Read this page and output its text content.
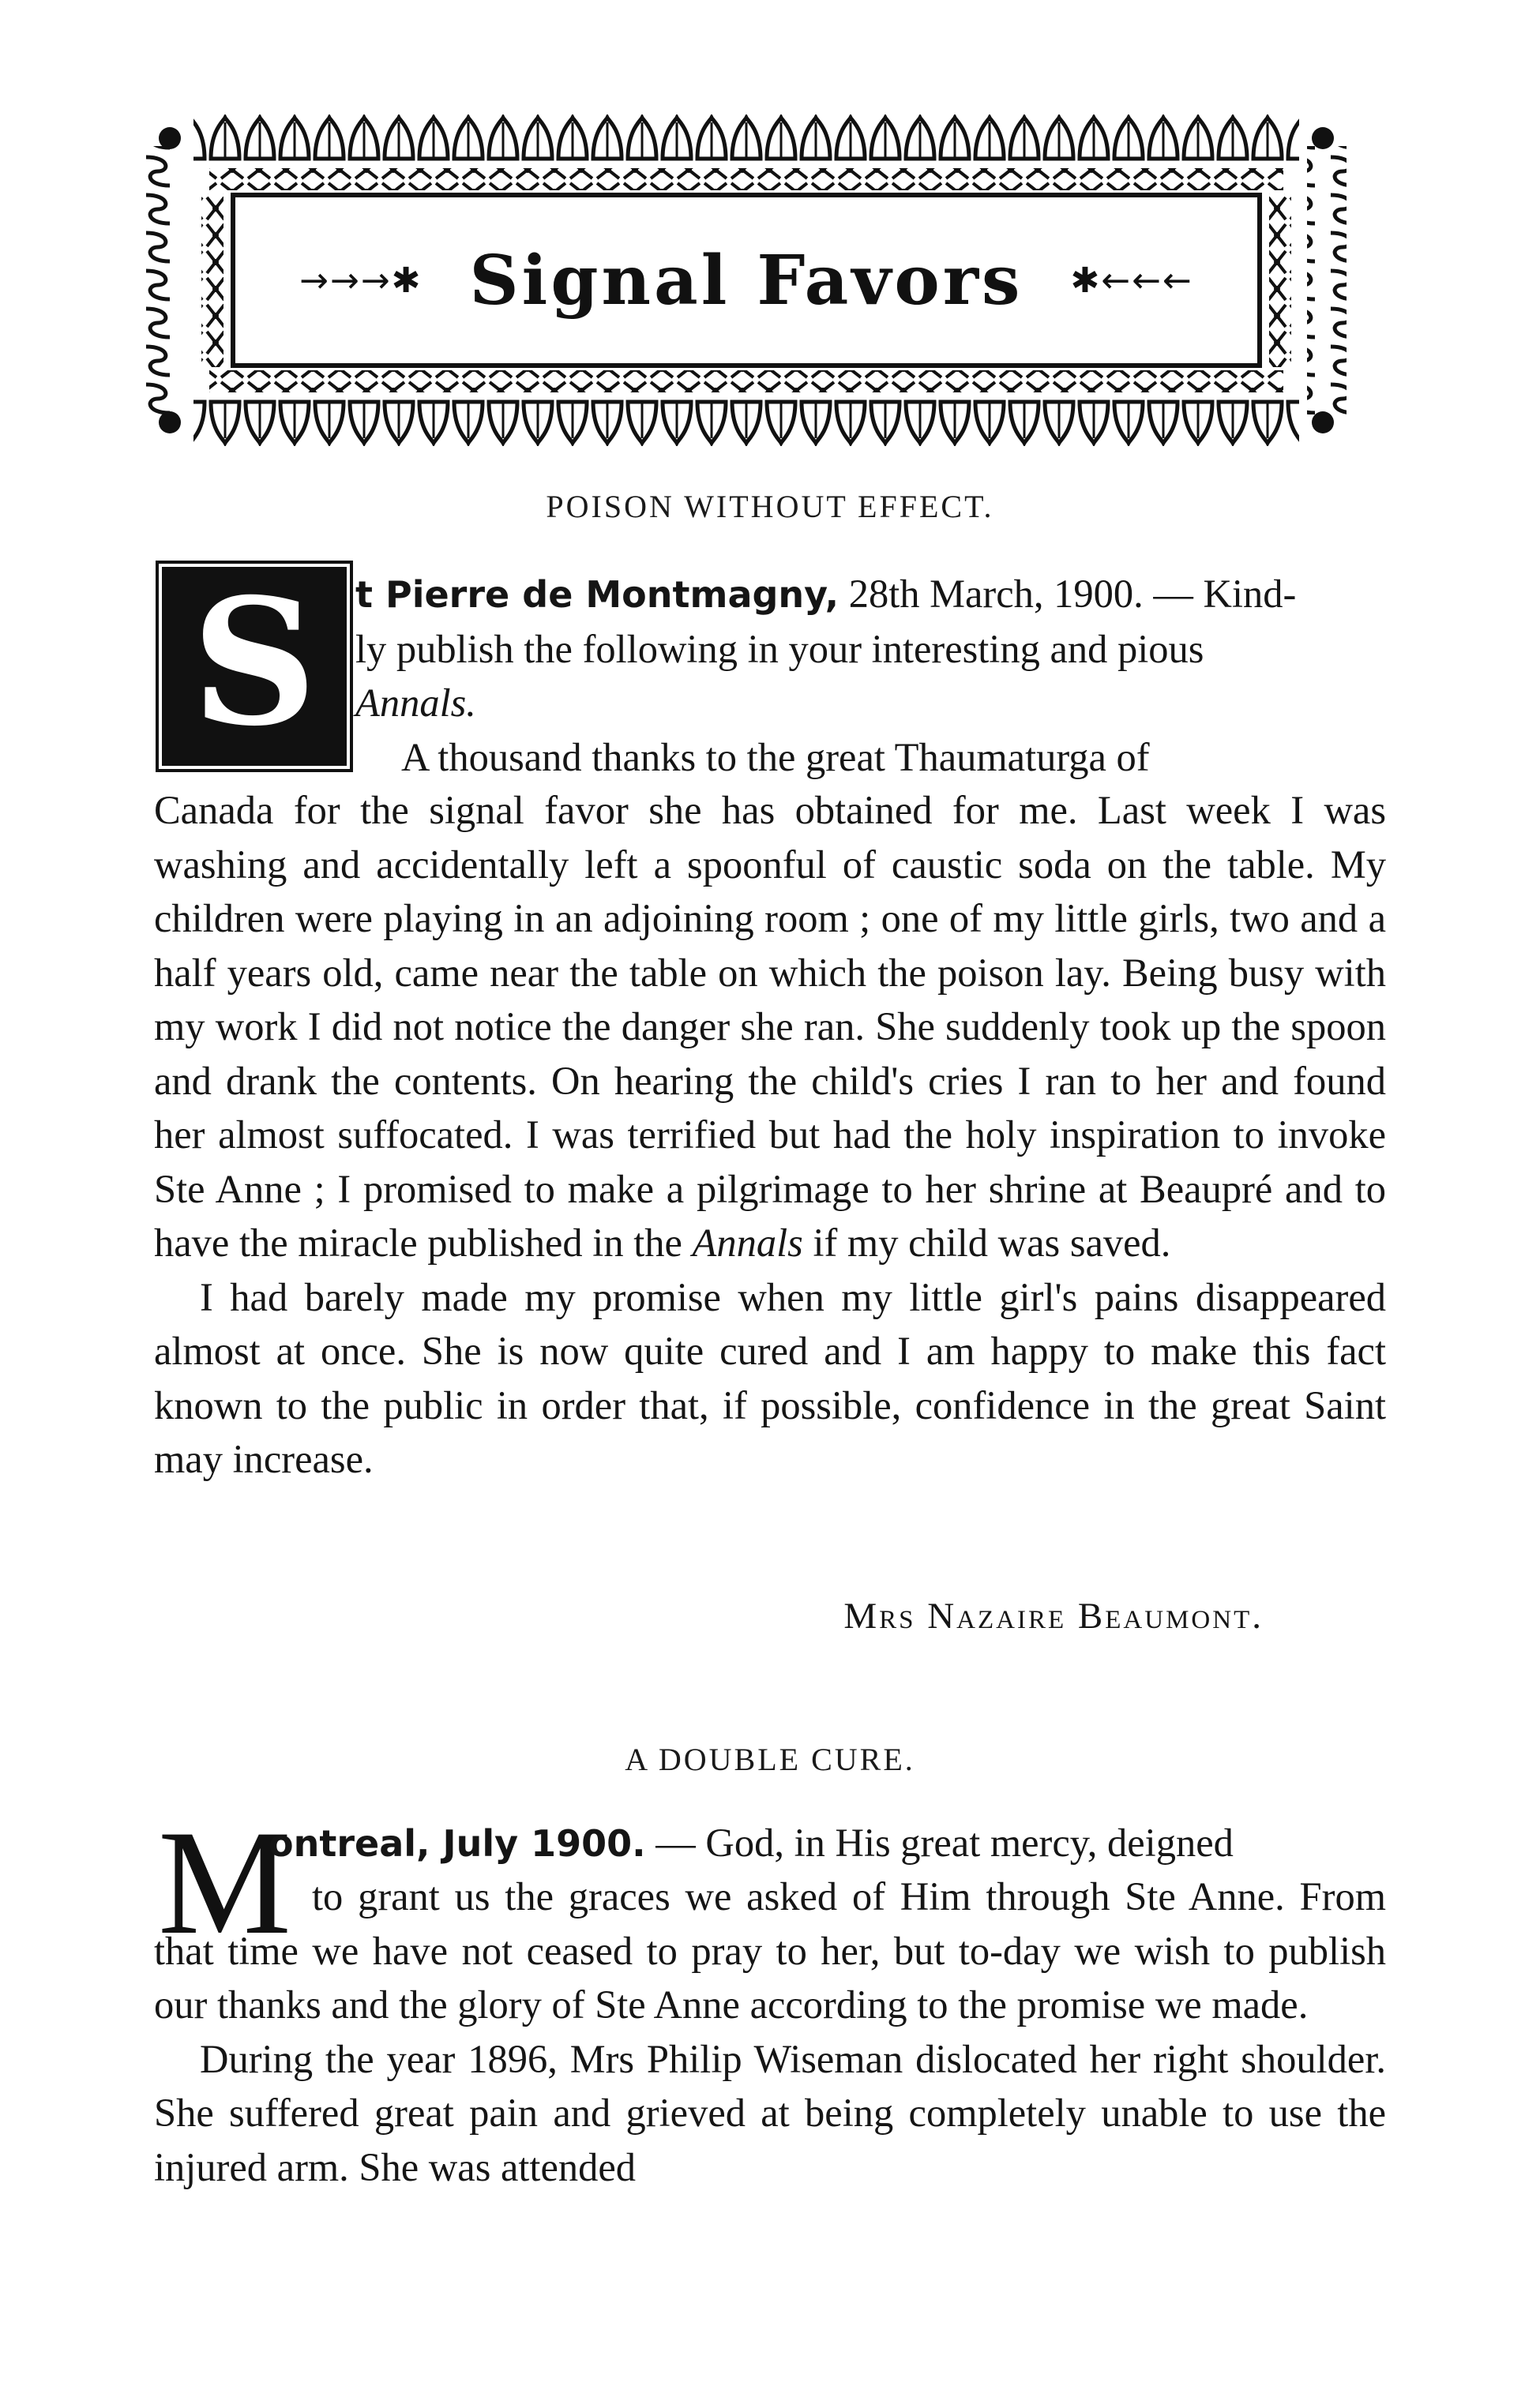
→→→✱ Signal Favors ✱←←←
POISON WITHOUT EFFECT.
S t Pierre de Montmagny, 28th March, 1900. — Kind-

ly publish the following in your interesting and pious

Annals.

A thousand thanks to the great Thaumaturga of

Canada for the signal favor she has obtained for me. Last week I was washing and accidentally left a spoonful of caustic soda on the table. My children were playing in an adjoining room ; one of my little girls, two and a half years old, came near the table on which the poison lay. Being busy with my work I did not notice the danger she ran. She suddenly took up the spoon and drank the contents. On hearing the child's cries I ran to her and found her almost suffocated. I was terrified but had the holy inspiration to invoke Ste Anne ; I promised to make a pilgrimage to her shrine at Beaupré and to have the miracle published in the Annals if my child was saved.

I had barely made my promise when my little girl's pains disappeared almost at once. She is now quite cured and I am happy to make this fact known to the public in order that, if possible, confidence in the great Saint may increase.

Mrs Nazaire Beaumont.
A DOUBLE CURE.
M

ontreal, July 1900. — God, in His great mercy, deigned

to grant us the graces we asked of Him through Ste Anne. From that time we have not ceased to pray to her, but to-day we wish to publish our thanks and the glory of Ste Anne according to the promise we made.

During the year 1896, Mrs Philip Wiseman dislocated her right shoulder. She suffered great pain and grieved at being completely unable to use the injured arm. She was attended
